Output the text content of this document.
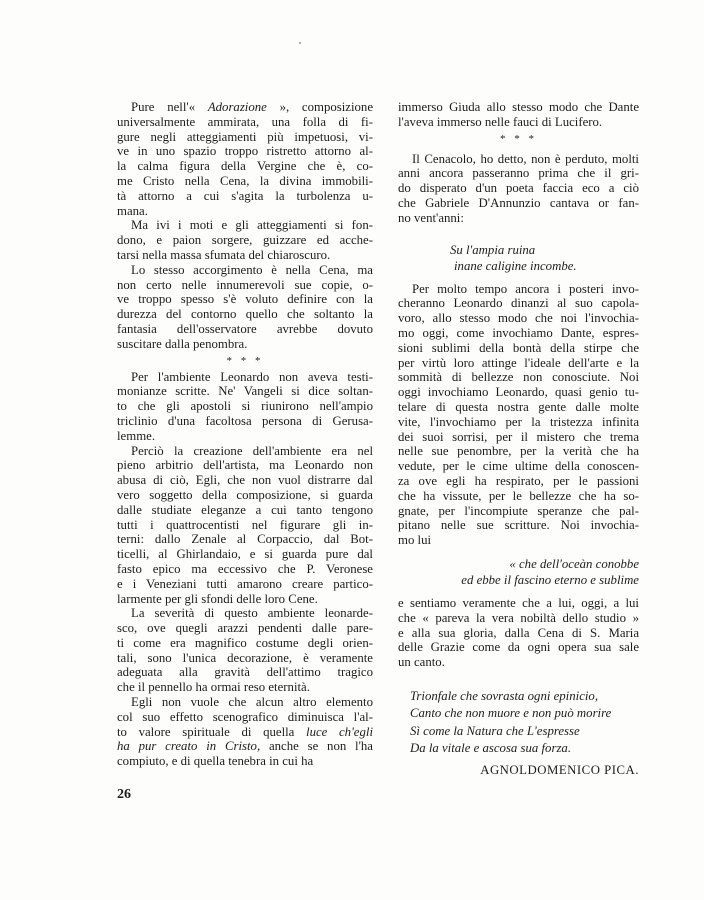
Pure nell'« Adorazione », composizione
universalmente ammirata, una folla di fi-
gure negli atteggiamenti più impetuosi, vi-
ve in uno spazio troppo ristretto attorno al-
la calma figura della Vergine che è, co-
me Cristo nella Cena, la divina immobili-
tà attorno a cui s'agita la turbolenza u-
mana.
Ma ivi i moti e gli atteggiamenti si fon-
dono, e paion sorgere, guizzare ed acche-
tarsi nella massa sfumata del chiaroscuro.
Lo stesso accorgimento è nella Cena, ma
non certo nelle innumerevoli sue copie, o-
ve troppo spesso s'è voluto definire con la
durezza del contorno quello che soltanto la
fantasia dell'osservatore avrebbe dovuto
suscitare dalla penombra.
* * *
Per l'ambiente Leonardo non aveva testi-
monianze scritte. Ne' Vangeli si dice soltan-
to che gli apostoli si riunirono nell'ampio
triclinio d'una facoltosa persona di Gerusa-
lemme.
Perciò la creazione dell'ambiente era nel
pieno arbitrio dell'artista, ma Leonardo non
abusa di ciò, Egli, che non vuol distrarre dal
vero soggetto della composizione, si guarda
dalle studiate eleganze a cui tanto tengono
tutti i quattrocentisti nel figurare gli in-
terni: dallo Zenale al Corpaccio, dal Bot-
ticelli, al Ghirlandaio, e si guarda pure dal
fasto epico ma eccessivo che P. Veronese
e i Veneziani tutti amarono creare partico-
larmente per gli sfondi delle loro Cene.
La severità di questo ambiente leonarde-
sco, ove quegli arazzi pendenti dalle pare-
ti come era magnifico costume degli orien-
tali, sono l'unica decorazione, è veramente
adeguata alla gravità dell'attimo tragico
che il pennello ha ormai reso eternità.
Egli non vuole che alcun altro elemento
col suo effetto scenografico diminuisca l'al-
to valore spirituale di quella luce ch'egli
ha pur creato in Cristo, anche se non l'ha
compiuto, e di quella tenebra in cui ha
26
immerso Giuda allo stesso modo che Dante
l'aveva immerso nelle fauci di Lucifero.
* * *
Il Cenacolo, ho detto, non è perduto, molti
anni ancora passeranno prima che il gri-
do disperato d'un poeta faccia eco a ciò
che Gabriele D'Annunzio cantava or fan-
no vent'anni:
Su l'ampia ruina
inane caligine incombe.
Per molto tempo ancora i posteri invo-
cheranno Leonardo dinanzi al suo capola-
voro, allo stesso modo che noi l'invochia-
mo oggi, come invochiamo Dante, espres-
sioni sublimi della bontà della stirpe che
per virtù loro attinge l'ideale dell'arte e la
sommità di bellezze non conosciute. Noi
oggi invochiamo Leonardo, quasi genio tu-
telare di questa nostra gente dalle molte
vite, l'invochiamo per la tristezza infinita
dei suoi sorrisi, per il mistero che trema
nelle sue penombre, per la verità che ha
vedute, per le cime ultime della conoscen-
za ove egli ha respirato, per le passioni
che ha vissute, per le bellezze che ha so-
gnate, per l'incompiute speranze che pal-
pitano nelle sue scritture. Noi invochia-
mo lui
« che dell'oceàn conobbe
ed ebbe il fascino eterno e sublime
e sentiamo veramente che a lui, oggi, a lui
che « pareva la vera nobiltà dello studio »
e alla sua gloria, dalla Cena di S. Maria
delle Grazie come da ogni opera sua sale
un canto.
Trionfale che sovrasta ogni epinicio,
Canto che non muore e non può morire
Sì come la Natura che L'espresse
Da la vitale e ascosa sua forza.
AGNOLDOMENICO PICA.
